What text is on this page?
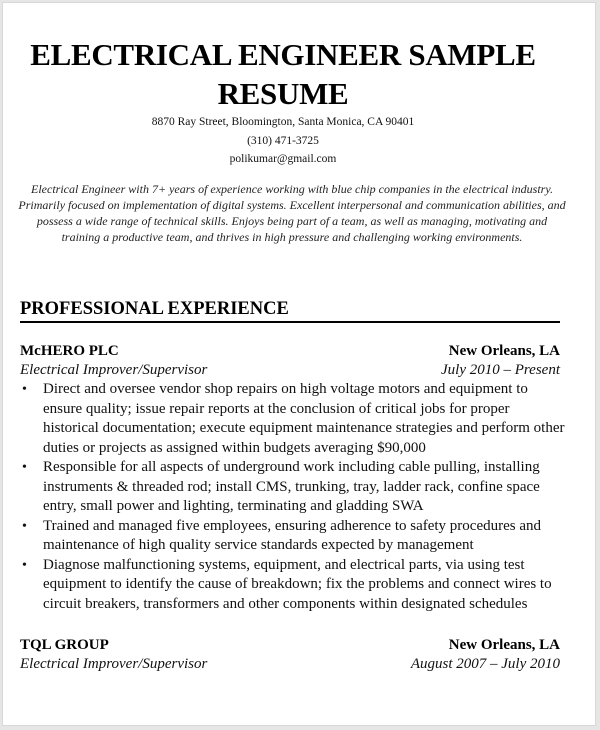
ELECTRICAL ENGINEER SAMPLE
RESUME
8870 Ray Street, Bloomington, Santa Monica, CA 90401
(310) 471-3725
polikumar@gmail.com
Electrical Engineer with 7+ years of experience working with blue chip companies in the electrical industry. Primarily focused on implementation of digital systems. Excellent interpersonal and communication abilities, and possess a wide range of technical skills. Enjoys being part of a team, as well as managing, motivating and training a productive team, and thrives in high pressure and challenging working environments.
PROFESSIONAL EXPERIENCE
McHERO PLC	New Orleans, LA
Electrical Improver/Supervisor	July 2010 – Present
• Direct and oversee vendor shop repairs on high voltage motors and equipment to ensure quality; issue repair reports at the conclusion of critical jobs for proper historical documentation; execute equipment maintenance strategies and perform other duties or projects as assigned within budgets averaging $90,000
• Responsible for all aspects of underground work including cable pulling, installing instruments & threaded rod; install CMS, trunking, tray, ladder rack, confine space entry, small power and lighting, terminating and gladding SWA
• Trained and managed five employees, ensuring adherence to safety procedures and maintenance of high quality service standards expected by management
• Diagnose malfunctioning systems, equipment, and electrical parts, via using test equipment to identify the cause of breakdown; fix the problems and connect wires to circuit breakers, transformers and other components within designated schedules
TQL GROUP	New Orleans, LA
Electrical Improver/Supervisor	August 2007 – July 2010
